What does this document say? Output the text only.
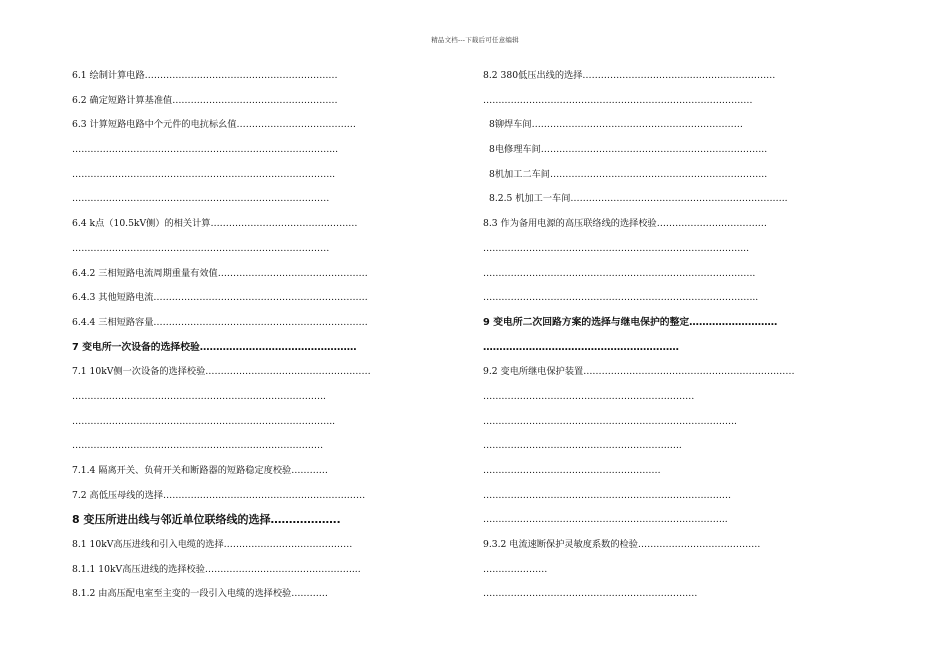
精品文档---下载后可任意编辑
6.1 绘制计算电路………………………………………………………
6.2 确定短路计算基准值………………………………………………
6.3 计算短路电路中个元件的电抗标幺值…………………………………
…………………………………………………………………………...
…………………………………………………………………………..
…………………………………………………………………………
6.4 k点（10.5kV侧）的相关计算…………………………………………
…………………………………………………………………………
6.4.2 三相短路电流周期重量有效值………………………………………….
6.4.3 其他短路电流…………………………………………………………….
6.4.4 三相短路容量…………………………………………………………….
7 变电所一次设备的选择校验…………………………………………
7.1 10kV侧一次设备的选择校验………………………………………………
………………………………………………………………………..
…………………………………………………………………………..
……………………………………………………………………….
7.1.4 隔离开关、负荷开关和断路器的短路稳定度校验…………
7.2 高低压母线的选择…………………………………………………………
8 变压所进出线与邻近单位联络线的选择……………….
8.1 10kV高压进线和引入电缆的选择……………………………………
8.1.1 10kV高压进线的选择校验…………………………………………...
8.1.2 由高压配电室至主变的一段引入电缆的选择校验…………
8.2 380低压出线的选择………………………………………………………
…………………………………………………………………………….
8铆焊车间……………………………………………………………
8电修理车间………………………………………………………………..
8机加工二车间……………………………………………………………..
8.2.5 机加工一车间……………………………………………………………..
8.3 作为备用电源的高压联络线的选择校验………………………………
…………………………………………………………………………...
……………………………………………………………………………..
……………………………………………………………………………...
9 变电所二次回路方案的选择与继电保护的整定………………………
……………………………………………………
9.2 变电所继电保护装置……………………………………………………………
……………………………………………………………
………………………………………………………………………..
………………………………………………………..
………………………………………………….
………………………………………………………………………
……………………………………………………………………..
9.3.2 电流速断保护灵敏度系数的检验………………………………….
…………………
…………………………………………………………….
